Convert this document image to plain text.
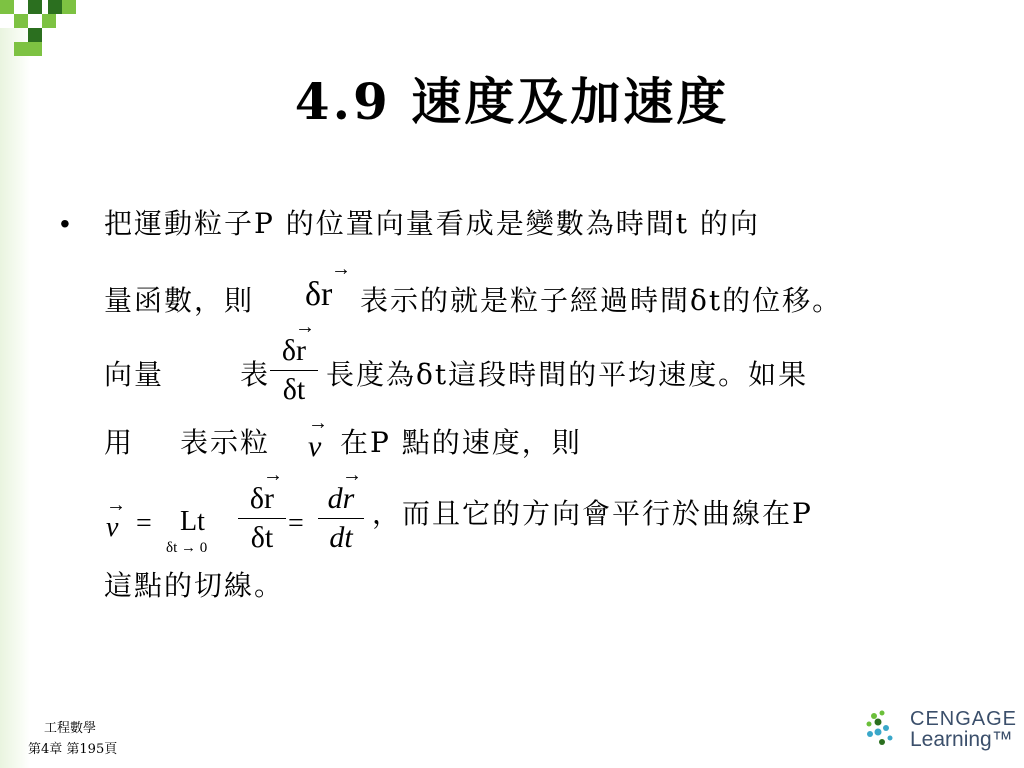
4.9 速度及加速度
• 把運動粒子P 的位置向量看成是變數為時間t 的向
量函數，則
→
δr 表示的就是粒子經過時間δt的位移。
向量	表
→
δr
δt 長度為δt這段時間的平均速度。如果
用 表示粒
→
v 在P 點的速度，則
→
v = Lt
δt → 0
→
δr
δt =
→
dr
dt
，而且它的方向會平行於曲線在P
這點的切線。
工程數學
第4章 第195頁
CENGAGE
Learning™
